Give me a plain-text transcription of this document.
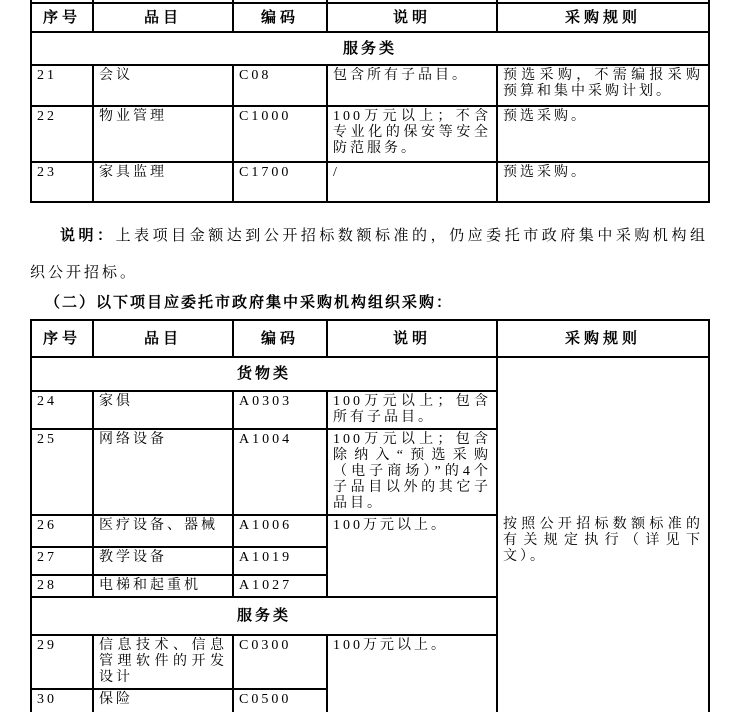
序号	品目	编码	说明	采购规则
服务类				
21	会议	C08	包含所有子品目。	预选采购，不需编报采购预算和集中采购计划。
22	物业管理	C1000	100万元以上；不含专业化的保安等安全防范服务。	预选采购。
23	家具监理	C1700	/	预选采购。
说明：上表项目金额达到公开招标数额标准的，仍应委托市政府集中采购机构组织公开招标。
（二）以下项目应委托市政府集中采购机构组织采购：
序号	品目	编码	说明	采购规则
货物类				按照公开招标数额标准的有关规定执行（详见下文）。
24	家俱	A0303	100万元以上；包含所有子品目。	
25	网络设备	A1004	100万元以上；包含除纳入“预选采购（电子商场）”的4个子品目以外的其它子品目。	
26	医疗设备、器械	A1006	100万元以上。	
27	教学设备	A1019		
28	电梯和起重机	A1027		
服务类				
29	信息技术、信息管理软件的开发设计	C0300	100万元以上。	
30	保险	C0500		
